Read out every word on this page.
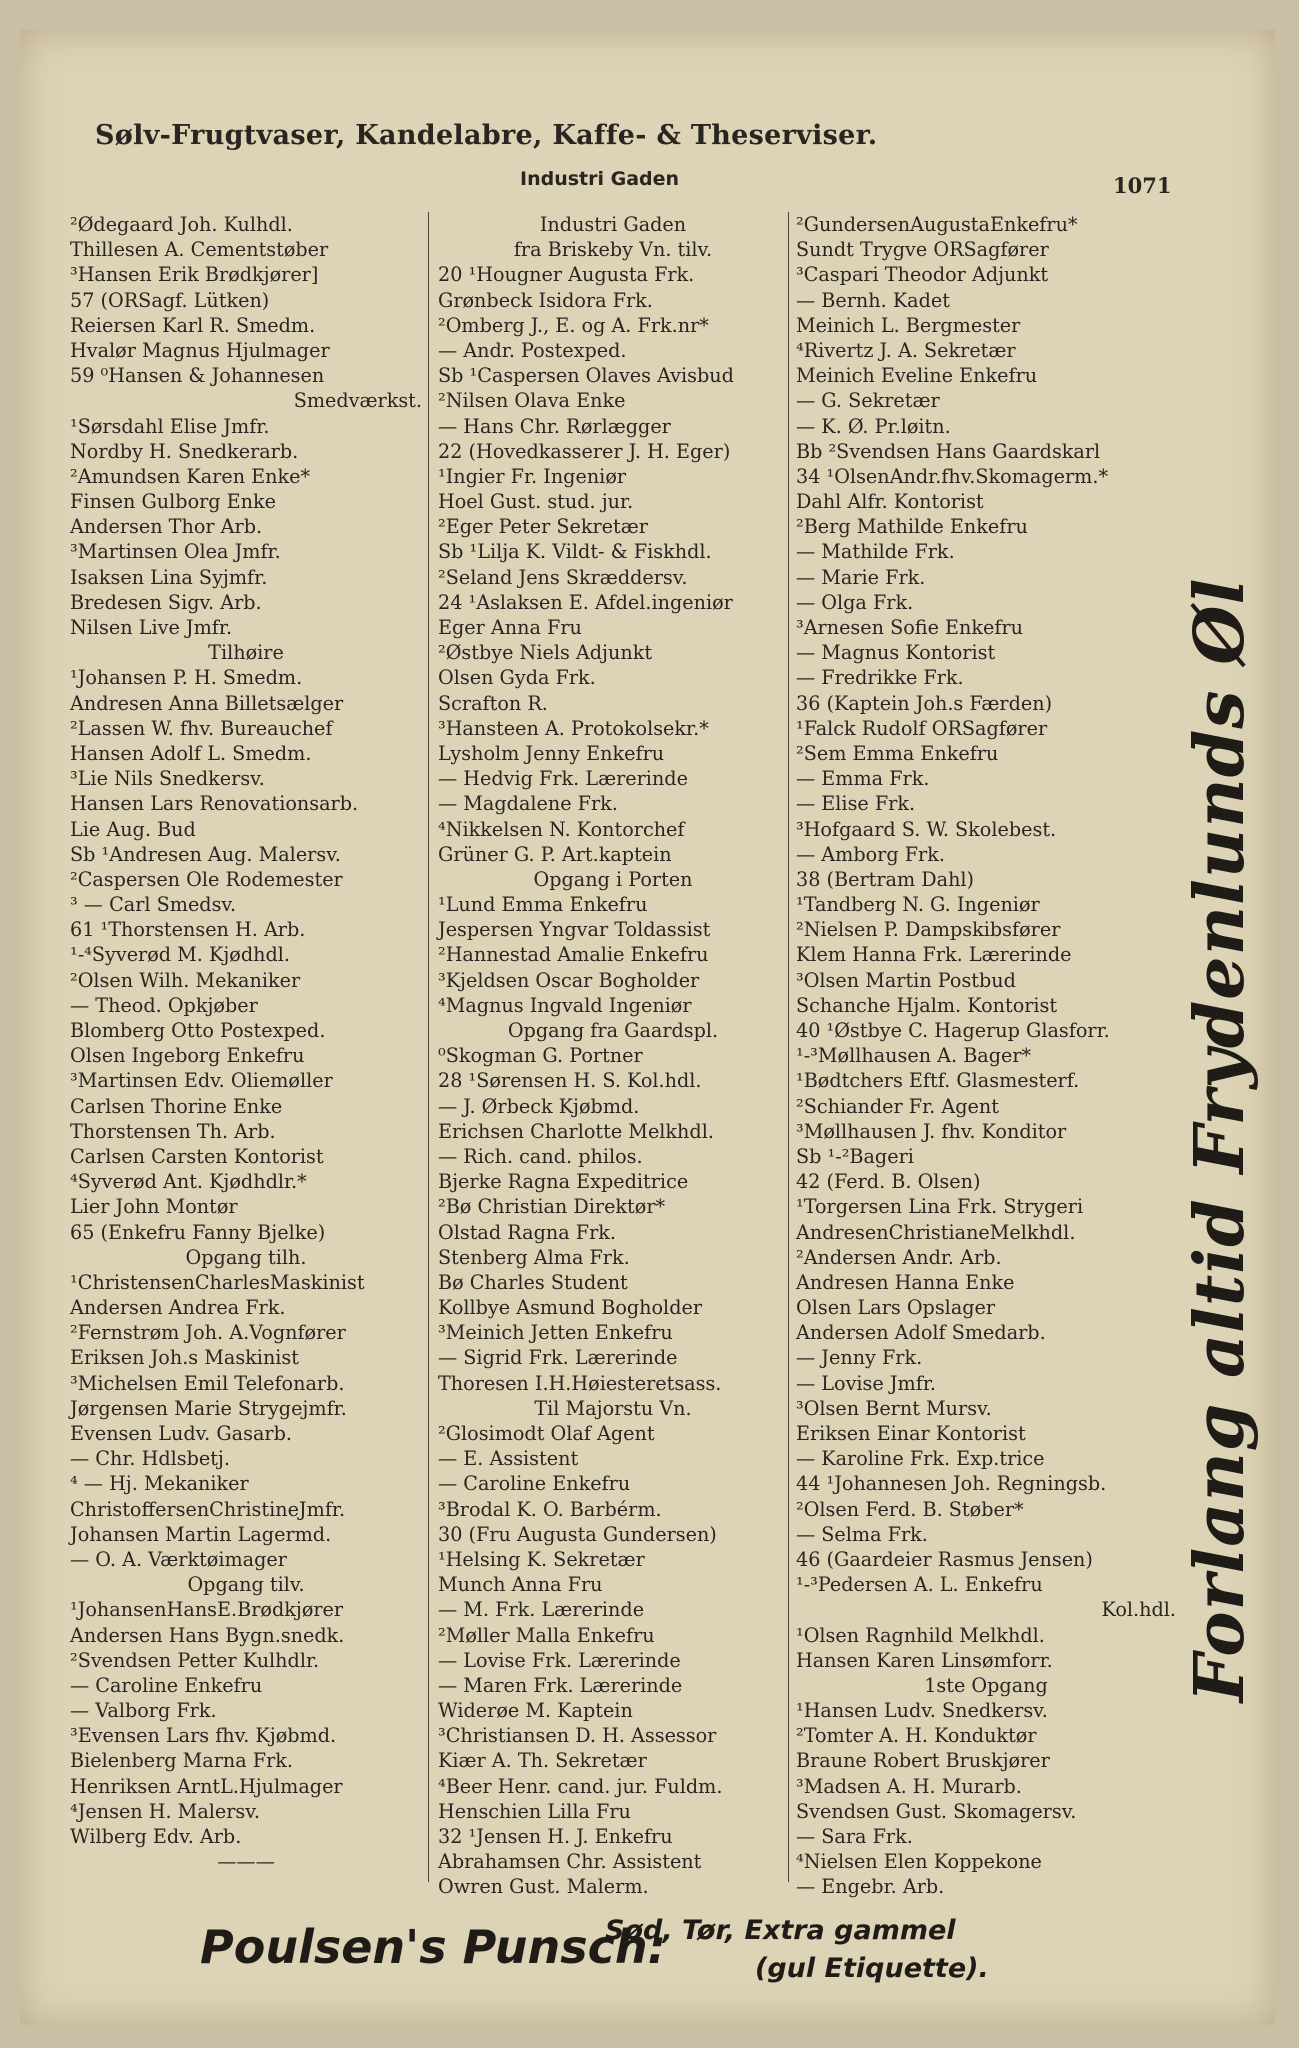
Sølv-Frugtvaser, Kandelabre, Kaffe- & Theserviser.
Industri Gaden	1071
²Ødegaard Joh. Kulhdl.
Thillesen A. Cementstøber
³Hansen Erik Brødkjører]
57 (ORSagf. Lütken)
Reiersen Karl R. Smedm.
Hvalør Magnus Hjulmager
59 ⁰Hansen & Johannesen
Smedværkst.
¹Sørsdahl Elise Jmfr.
Nordby H. Snedkerarb.
²Amundsen Karen Enke*
Finsen Gulborg Enke
Andersen Thor Arb.
³Martinsen Olea Jmfr.
Isaksen Lina Syjmfr.
Bredesen Sigv. Arb.
Nilsen Live Jmfr.
Tilhøire
¹Johansen P. H. Smedm.
Andresen Anna Billetsælger
²Lassen W. fhv. Bureauchef
Hansen Adolf L. Smedm.
³Lie Nils Snedkersv.
Hansen Lars Renovationsarb.
Lie Aug. Bud
Sb ¹Andresen Aug. Malersv.
²Caspersen Ole Rodemester
³ — Carl Smedsv.
61 ¹Thorstensen H. Arb.
¹-⁴Syverød M. Kjødhdl.
²Olsen Wilh. Mekaniker
— Theod. Opkjøber
Blomberg Otto Postexped.
Olsen Ingeborg Enkefru
³Martinsen Edv. Oliemøller
Carlsen Thorine Enke
Thorstensen Th. Arb.
Carlsen Carsten Kontorist
⁴Syverød Ant. Kjødhdlr.*
Lier John Montør
65 (Enkefru Fanny Bjelke)
Opgang tilh.
¹ChristensenCharlesMaskinist
Andersen Andrea Frk.
²Fernstrøm Joh. A.Vognfører
Eriksen Joh.s Maskinist
³Michelsen Emil Telefonarb.
Jørgensen Marie Strygejmfr.
Evensen Ludv. Gasarb.
— Chr. Hdlsbetj.
⁴ — Hj. Mekaniker
ChristoffersenChristineJmfr.
Johansen Martin Lagermd.
— O. A. Værktøimager
Opgang tilv.
¹JohansenHansE.Brødkjører
Andersen Hans Bygn.snedk.
²Svendsen Petter Kulhdlr.
— Caroline Enkefru
— Valborg Frk.
³Evensen Lars fhv. Kjøbmd.
Bielenberg Marna Frk.
Henriksen ArntL.Hjulmager
⁴Jensen H. Malersv.
Wilberg Edv. Arb.
———
Industri Gaden
fra Briskeby Vn. tilv.
20 ¹Hougner Augusta Frk.
Grønbeck Isidora Frk.
²Omberg J., E. og A. Frk.nr*
— Andr. Postexped.
Sb ¹Caspersen Olaves Avisbud
²Nilsen Olava Enke
— Hans Chr. Rørlægger
22 (Hovedkasserer J. H. Eger)
¹Ingier Fr. Ingeniør
Hoel Gust. stud. jur.
²Eger Peter Sekretær
Sb ¹Lilja K. Vildt- & Fiskhdl.
²Seland Jens Skræddersv.
24 ¹Aslaksen E. Afdel.ingeniør
Eger Anna Fru
²Østbye Niels Adjunkt
Olsen Gyda Frk.
Scrafton R.
³Hansteen A. Protokolsekr.*
Lysholm Jenny Enkefru
— Hedvig Frk. Lærerinde
— Magdalene Frk.
⁴Nikkelsen N. Kontorchef
Grüner G. P. Art.kaptein
Opgang i Porten
¹Lund Emma Enkefru
Jespersen Yngvar Toldassist
²Hannestad Amalie Enkefru
³Kjeldsen Oscar Bogholder
⁴Magnus Ingvald Ingeniør
Opgang fra Gaardspl.
⁰Skogman G. Portner
28 ¹Sørensen H. S. Kol.hdl.
— J. Ørbeck Kjøbmd.
Erichsen Charlotte Melkhdl.
— Rich. cand. philos.
Bjerke Ragna Expeditrice
²Bø Christian Direktør*
Olstad Ragna Frk.
Stenberg Alma Frk.
Bø Charles Student
Kollbye Asmund Bogholder
³Meinich Jetten Enkefru
— Sigrid Frk. Lærerinde
Thoresen I.H.Høiesteretsass.
Til Majorstu Vn.
²Glosimodt Olaf Agent
— E. Assistent
— Caroline Enkefru
³Brodal K. O. Barbérm.
30 (Fru Augusta Gundersen)
¹Helsing K. Sekretær
Munch Anna Fru
— M. Frk. Lærerinde
²Møller Malla Enkefru
— Lovise Frk. Lærerinde
— Maren Frk. Lærerinde
Widerøe M. Kaptein
³Christiansen D. H. Assessor
Kiær A. Th. Sekretær
⁴Beer Henr. cand. jur. Fuldm.
Henschien Lilla Fru
32 ¹Jensen H. J. Enkefru
Abrahamsen Chr. Assistent
Owren Gust. Malerm.
²GundersenAugustaEnkefru*
Sundt Trygve ORSagfører
³Caspari Theodor Adjunkt
— Bernh. Kadet
Meinich L. Bergmester
⁴Rivertz J. A. Sekretær
Meinich Eveline Enkefru
— G. Sekretær
— K. Ø. Pr.løitn.
Bb ²Svendsen Hans Gaardskarl
34 ¹OlsenAndr.fhv.Skomagerm.*
Dahl Alfr. Kontorist
²Berg Mathilde Enkefru
— Mathilde Frk.
— Marie Frk.
— Olga Frk.
³Arnesen Sofie Enkefru
— Magnus Kontorist
— Fredrikke Frk.
36 (Kaptein Joh.s Færden)
¹Falck Rudolf ORSagfører
²Sem Emma Enkefru
— Emma Frk.
— Elise Frk.
³Hofgaard S. W. Skolebest.
— Amborg Frk.
38 (Bertram Dahl)
¹Tandberg N. G. Ingeniør
²Nielsen P. Dampskibsfører
Klem Hanna Frk. Lærerinde
³Olsen Martin Postbud
Schanche Hjalm. Kontorist
40 ¹Østbye C. Hagerup Glasforr.
¹-³Møllhausen A. Bager*
¹Bødtchers Eftf. Glasmesterf.
²Schiander Fr. Agent
³Møllhausen J. fhv. Konditor
Sb ¹-²Bageri
42 (Ferd. B. Olsen)
¹Torgersen Lina Frk. Strygeri
AndresenChristianeMelkhdl.
²Andersen Andr. Arb.
Andresen Hanna Enke
Olsen Lars Opslager
Andersen Adolf Smedarb.
— Jenny Frk.
— Lovise Jmfr.
³Olsen Bernt Mursv.
Eriksen Einar Kontorist
— Karoline Frk. Exp.trice
44 ¹Johannesen Joh. Regningsb.
²Olsen Ferd. B. Støber*
— Selma Frk.
46 (Gaardeier Rasmus Jensen)
¹-³Pedersen A. L. Enkefru
Kol.hdl.
¹Olsen Ragnhild Melkhdl.
Hansen Karen Linsømforr.
1ste Opgang
¹Hansen Ludv. Snedkersv.
²Tomter A. H. Konduktør
Braune Robert Bruskjører
³Madsen A. H. Murarb.
Svendsen Gust. Skomagersv.
— Sara Frk.
⁴Nielsen Elen Koppekone
— Engebr. Arb.
Forlang altid Frydenlunds Øl
Poulsen's Punsch:
Sød, Tør, Extra gammel
(gul Etiquette).
